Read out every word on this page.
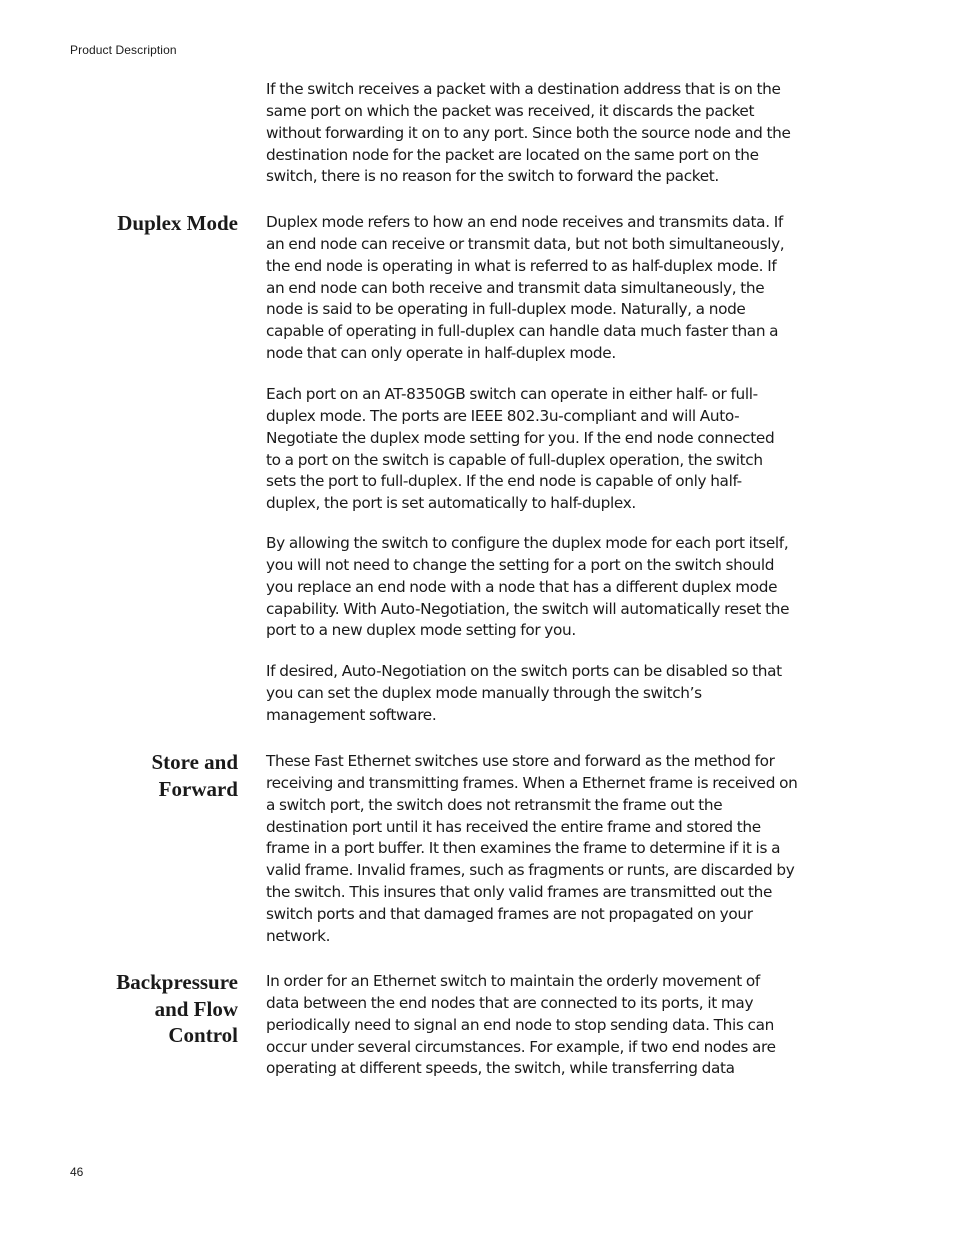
Product Description
If the switch receives a packet with a destination address that is on the
same port on which the packet was received, it discards the packet
without forwarding it on to any port. Since both the source node and the
destination node for the packet are located on the same port on the
switch, there is no reason for the switch to forward the packet.
Duplex Mode Duplex mode refers to how an end node receives and transmits data. If
an end node can receive or transmit data, but not both simultaneously,
the end node is operating in what is referred to as half-duplex mode. If
an end node can both receive and transmit data simultaneously, the
node is said to be operating in full-duplex mode. Naturally, a node
capable of operating in full-duplex can handle data much faster than a
node that can only operate in half-duplex mode.
Each port on an AT-8350GB switch can operate in either half- or full-
duplex mode. The ports are IEEE 802.3u-compliant and will Auto-
Negotiate the duplex mode setting for you. If the end node connected
to a port on the switch is capable of full-duplex operation, the switch
sets the port to full-duplex. If the end node is capable of only half-
duplex, the port is set automatically to half-duplex.
By allowing the switch to configure the duplex mode for each port itself,
you will not need to change the setting for a port on the switch should
you replace an end node with a node that has a different duplex mode
capability. With Auto-Negotiation, the switch will automatically reset the
port to a new duplex mode setting for you.
If desired, Auto-Negotiation on the switch ports can be disabled so that
you can set the duplex mode manually through the switch’s
management software.
Store and
Forward
These Fast Ethernet switches use store and forward as the method for
receiving and transmitting frames. When a Ethernet frame is received on
a switch port, the switch does not retransmit the frame out the
destination port until it has received the entire frame and stored the
frame in a port buffer. It then examines the frame to determine if it is a
valid frame. Invalid frames, such as fragments or runts, are discarded by
the switch. This insures that only valid frames are transmitted out the
switch ports and that damaged frames are not propagated on your
network.
Backpressure
and Flow
Control
In order for an Ethernet switch to maintain the orderly movement of
data between the end nodes that are connected to its ports, it may
periodically need to signal an end node to stop sending data. This can
occur under several circumstances. For example, if two end nodes are
operating at different speeds, the switch, while transferring data
46
